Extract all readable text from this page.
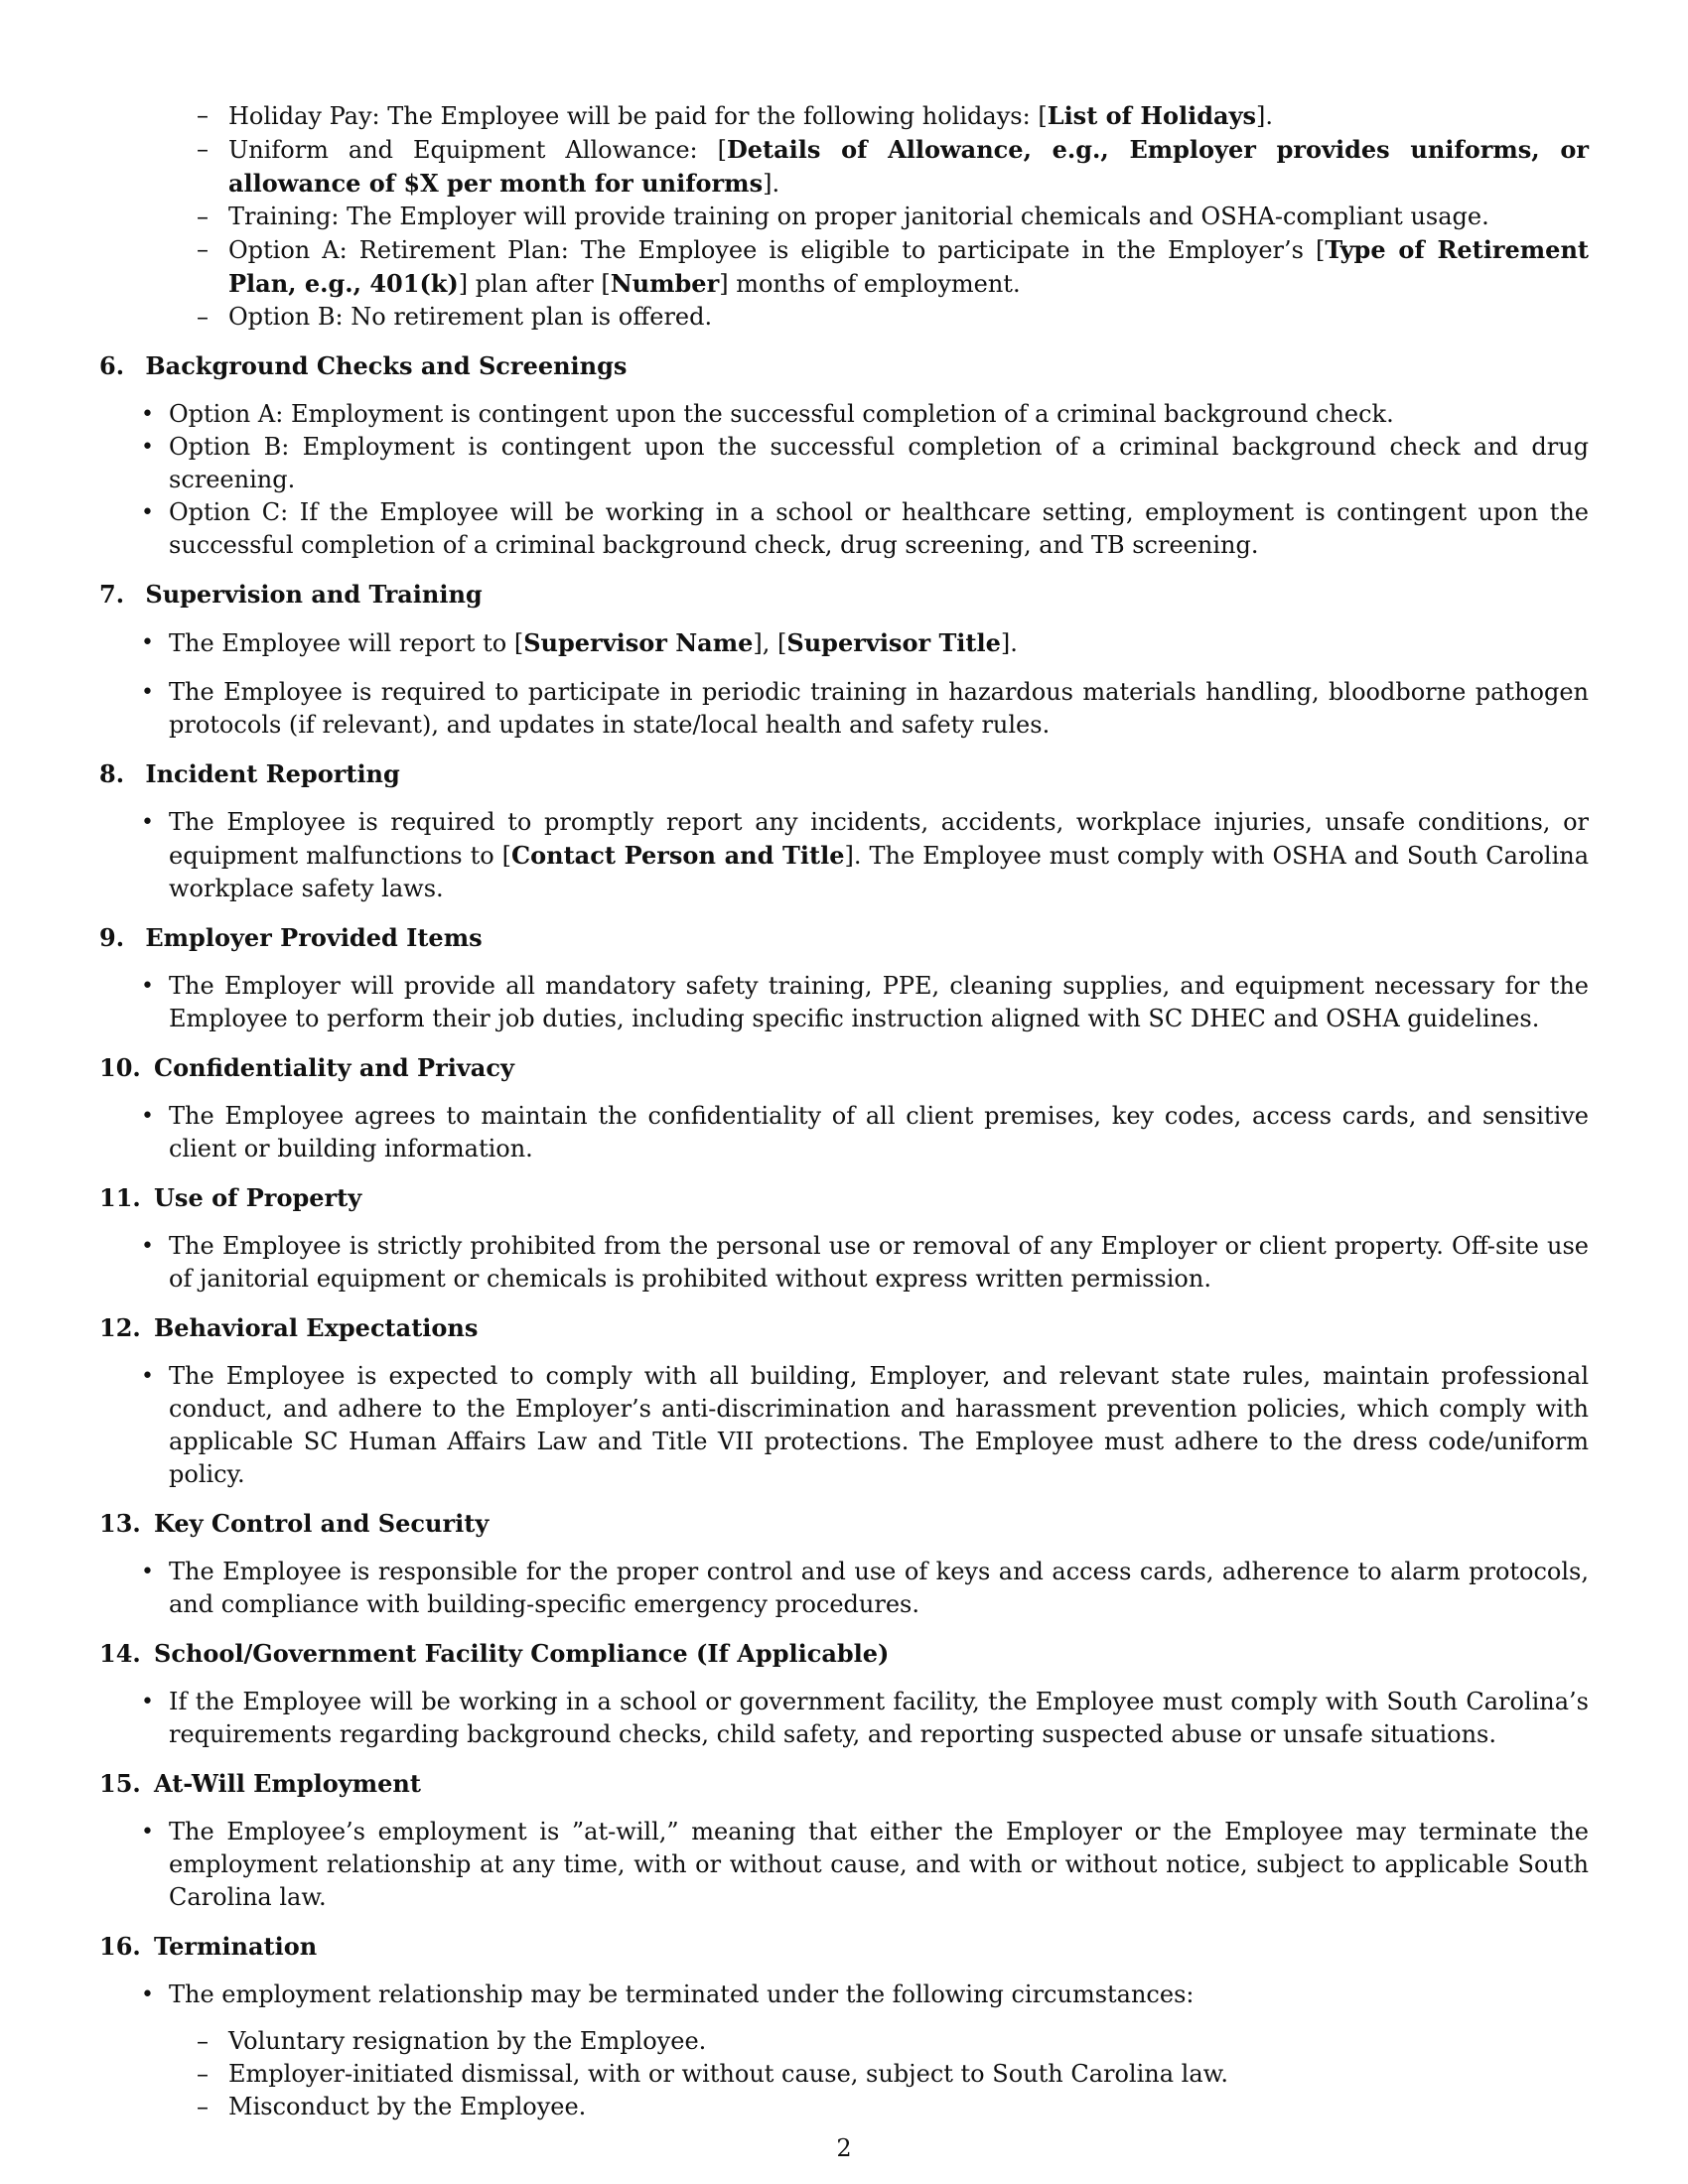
– Holiday Pay: The Employee will be paid for the following holidays: [List of Holidays].
– Uniform and Equipment Allowance: [Details of Allowance, e.g., Employer provides uniforms, or allowance of $X per month for uniforms].
– Training: The Employer will provide training on proper janitorial chemicals and OSHA-compliant usage.
– Option A: Retirement Plan: The Employee is eligible to participate in the Employer’s [Type of Retirement Plan, e.g., 401(k)] plan after [Number] months of employment.
– Option B: No retirement plan is offered.
6. Background Checks and Screenings
• Option A: Employment is contingent upon the successful completion of a criminal background check.
• Option B: Employment is contingent upon the successful completion of a criminal background check and drug screening.
• Option C: If the Employee will be working in a school or healthcare setting, employment is contingent upon the successful completion of a criminal background check, drug screening, and TB screening.
7. Supervision and Training
• The Employee will report to [Supervisor Name], [Supervisor Title].
• The Employee is required to participate in periodic training in hazardous materials handling, bloodborne pathogen protocols (if relevant), and updates in state/local health and safety rules.
8. Incident Reporting
• The Employee is required to promptly report any incidents, accidents, workplace injuries, unsafe conditions, or equipment malfunctions to [Contact Person and Title]. The Employee must comply with OSHA and South Carolina workplace safety laws.
9. Employer Provided Items
• The Employer will provide all mandatory safety training, PPE, cleaning supplies, and equipment necessary for the Employee to perform their job duties, including specific instruction aligned with SC DHEC and OSHA guidelines.
10. Confidentiality and Privacy
• The Employee agrees to maintain the confidentiality of all client premises, key codes, access cards, and sensitive client or building information.
11. Use of Property
• The Employee is strictly prohibited from the personal use or removal of any Employer or client property. Off-site use of janitorial equipment or chemicals is prohibited without express written permission.
12. Behavioral Expectations
• The Employee is expected to comply with all building, Employer, and relevant state rules, maintain professional conduct, and adhere to the Employer’s anti-discrimination and harassment prevention policies, which comply with applicable SC Human Affairs Law and Title VII protections. The Employee must adhere to the dress code/uniform policy.
13. Key Control and Security
• The Employee is responsible for the proper control and use of keys and access cards, adherence to alarm protocols, and compliance with building-specific emergency procedures.
14. School/Government Facility Compliance (If Applicable)
• If the Employee will be working in a school or government facility, the Employee must comply with South Carolina’s requirements regarding background checks, child safety, and reporting suspected abuse or unsafe situations.
15. At-Will Employment
• The Employee’s employment is ”at-will,” meaning that either the Employer or the Employee may terminate the employment relationship at any time, with or without cause, and with or without notice, subject to applicable South Carolina law.
16. Termination
• The employment relationship may be terminated under the following circumstances:
– Voluntary resignation by the Employee.
– Employer-initiated dismissal, with or without cause, subject to South Carolina law.
– Misconduct by the Employee.
2
